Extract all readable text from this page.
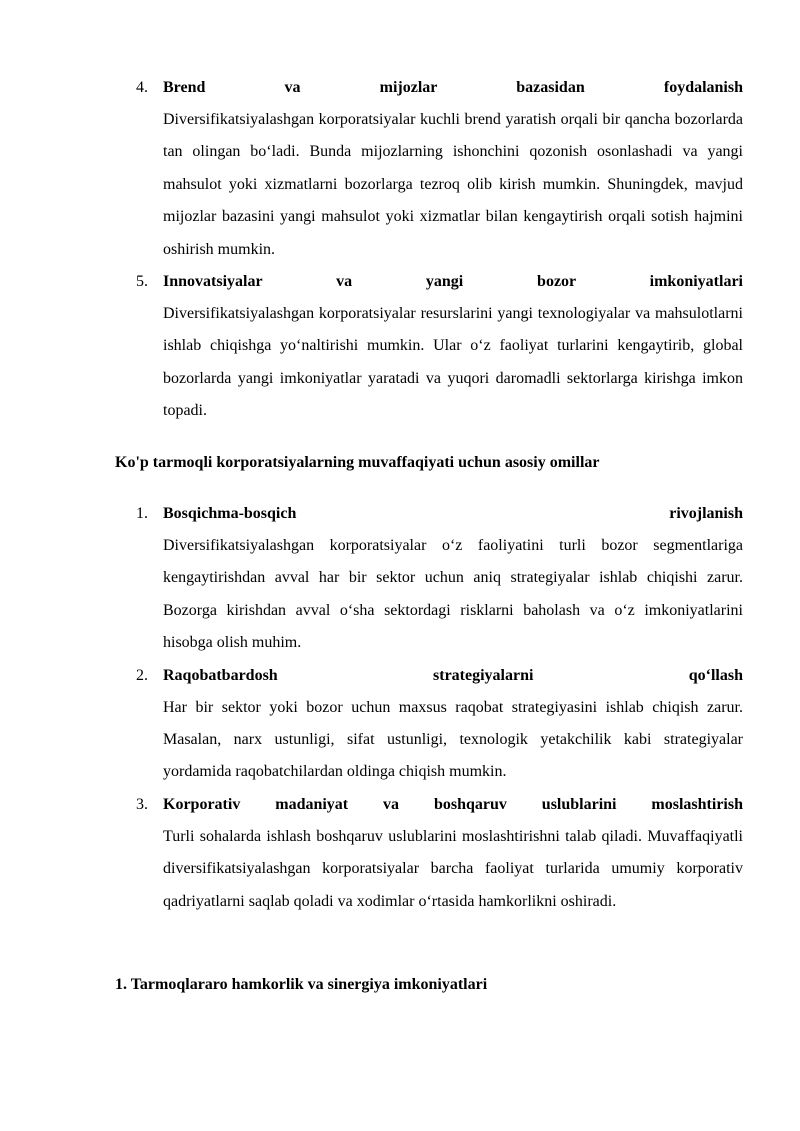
4. Brend va mijozlar bazasidan foydalanish
Diversifikatsiyalashgan korporatsiyalar kuchli brend yaratish orqali bir qancha bozorlarda tan olingan bo‘ladi. Bunda mijozlarning ishonchini qozonish osonlashadi va yangi mahsulot yoki xizmatlarni bozorlarga tezroq olib kirish mumkin. Shuningdek, mavjud mijozlar bazasini yangi mahsulot yoki xizmatlar bilan kengaytirish orqali sotish hajmini oshirish mumkin.
5. Innovatsiyalar va yangi bozor imkoniyatlari
Diversifikatsiyalashgan korporatsiyalar resurslarini yangi texnologiyalar va mahsulotlarni ishlab chiqishga yo‘naltirishi mumkin. Ular o‘z faoliyat turlarini kengaytirib, global bozorlarda yangi imkoniyatlar yaratadi va yuqori daromadli sektorlarga kirishga imkon topadi.
Ko'p tarmoqli korporatsiyalarning muvaffaqiyati uchun asosiy omillar
1. Bosqichma-bosqich rivojlanish
Diversifikatsiyalashgan korporatsiyalar o‘z faoliyatini turli bozor segmentlariga kengaytirishdan avval har bir sektor uchun aniq strategiyalar ishlab chiqishi zarur. Bozorga kirishdan avval o‘sha sektordagi risklarni baholash va o‘z imkoniyatlarini hisobga olish muhim.
2. Raqobatbardosh strategiyalarni qo‘llash
Har bir sektor yoki bozor uchun maxsus raqobat strategiyasini ishlab chiqish zarur. Masalan, narx ustunligi, sifat ustunligi, texnologik yetakchilik kabi strategiyalar yordamida raqobatchilardan oldinga chiqish mumkin.
3. Korporativ madaniyat va boshqaruv uslublarini moslashtirish
Turli sohalarda ishlash boshqaruv uslublarini moslashtirishni talab qiladi. Muvaffaqiyatli diversifikatsiyalashgan korporatsiyalar barcha faoliyat turlarida umumiy korporativ qadriyatlarni saqlab qoladi va xodimlar o‘rtasida hamkorlikni oshiradi.
1. Tarmoqlararo hamkorlik va sinergiya imkoniyatlari
